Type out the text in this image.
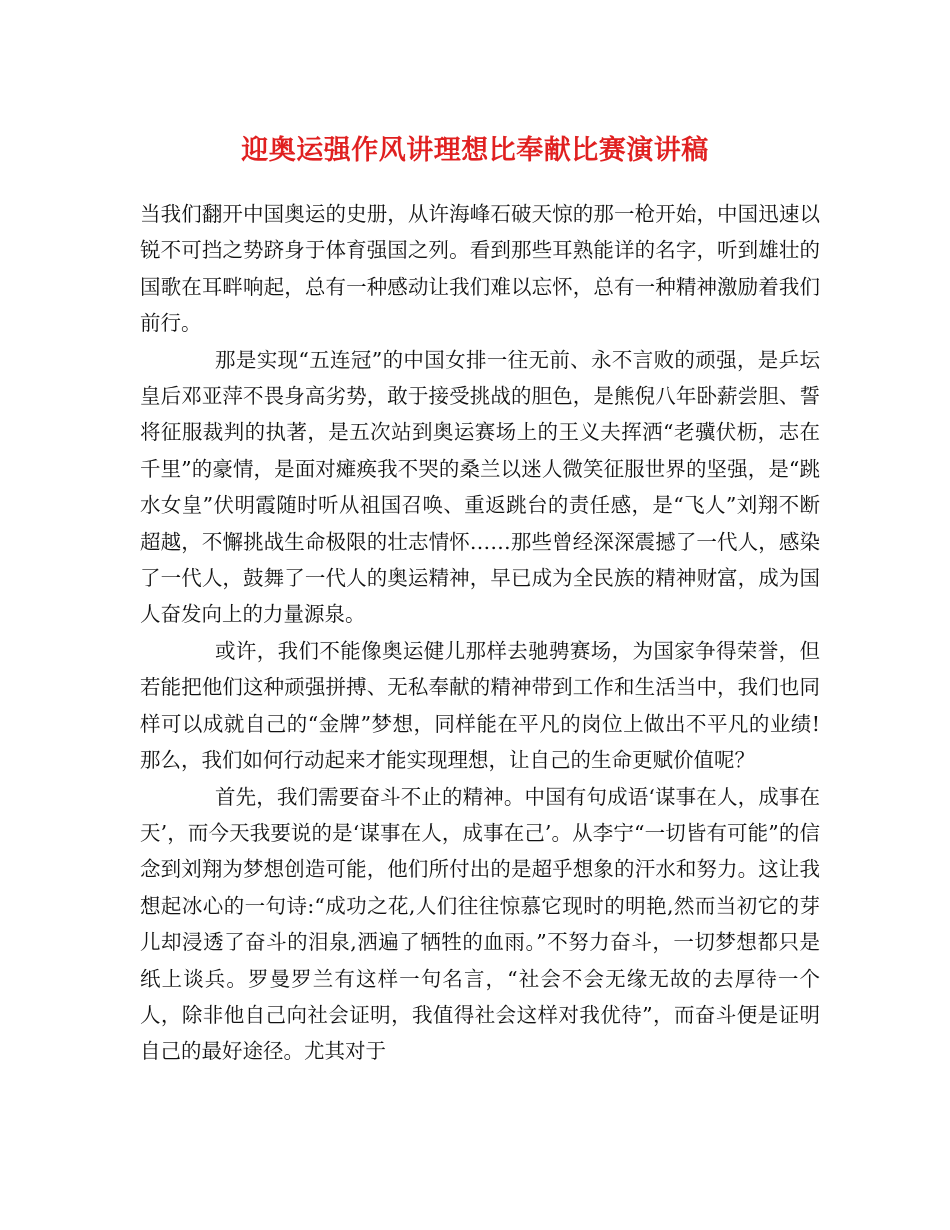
迎奥运强作风讲理想比奉献比赛演讲稿

当我们翻开中国奥运的史册，从许海峰石破天惊的那一枪开始，中国迅速以锐不可挡之势跻身于体育强国之列。看到那些耳熟能详的名字，听到雄壮的国歌在耳畔响起，总有一种感动让我们难以忘怀，总有一种精神激励着我们前行。

那是实现“五连冠”的中国女排一往无前、永不言败的顽强，是乒坛皇后邓亚萍不畏身高劣势，敢于接受挑战的胆色，是熊倪八年卧薪尝胆、誓将征服裁判的执著，是五次站到奥运赛场上的王义夫挥洒“老骥伏枥，志在千里”的豪情，是面对瘫痪我不哭的桑兰以迷人微笑征服世界的坚强，是“跳水女皇”伏明霞随时听从祖国召唤、重返跳台的责任感，是“飞人”刘翔不断超越，不懈挑战生命极限的壮志情怀……那些曾经深深震撼了一代人，感染了一代人，鼓舞了一代人的奥运精神，早已成为全民族的精神财富，成为国人奋发向上的力量源泉。

或许，我们不能像奥运健儿那样去驰骋赛场，为国家争得荣誉，但若能把他们这种顽强拼搏、无私奉献的精神带到工作和生活当中，我们也同样可以成就自己的“金牌”梦想，同样能在平凡的岗位上做出不平凡的业绩!那么，我们如何行动起来才能实现理想，让自己的生命更赋价值呢？

首先，我们需要奋斗不止的精神。中国有句成语‘谋事在人，成事在天’，而今天我要说的是‘谋事在人，成事在己’。从李宁“一切皆有可能”的信念到刘翔为梦想创造可能，他们所付出的是超乎想象的汗水和努力。这让我想起冰心的一句诗:“成功之花,人们往往惊慕它现时的明艳,然而当初它的芽儿却浸透了奋斗的泪泉,洒遍了牺牲的血雨。”不努力奋斗，一切梦想都只是纸上谈兵。罗曼罗兰有这样一句名言，“社会不会无缘无故的去厚待一个人，除非他自己向社会证明，我值得社会这样对我优待”，而奋斗便是证明自己的最好途径。尤其对于
